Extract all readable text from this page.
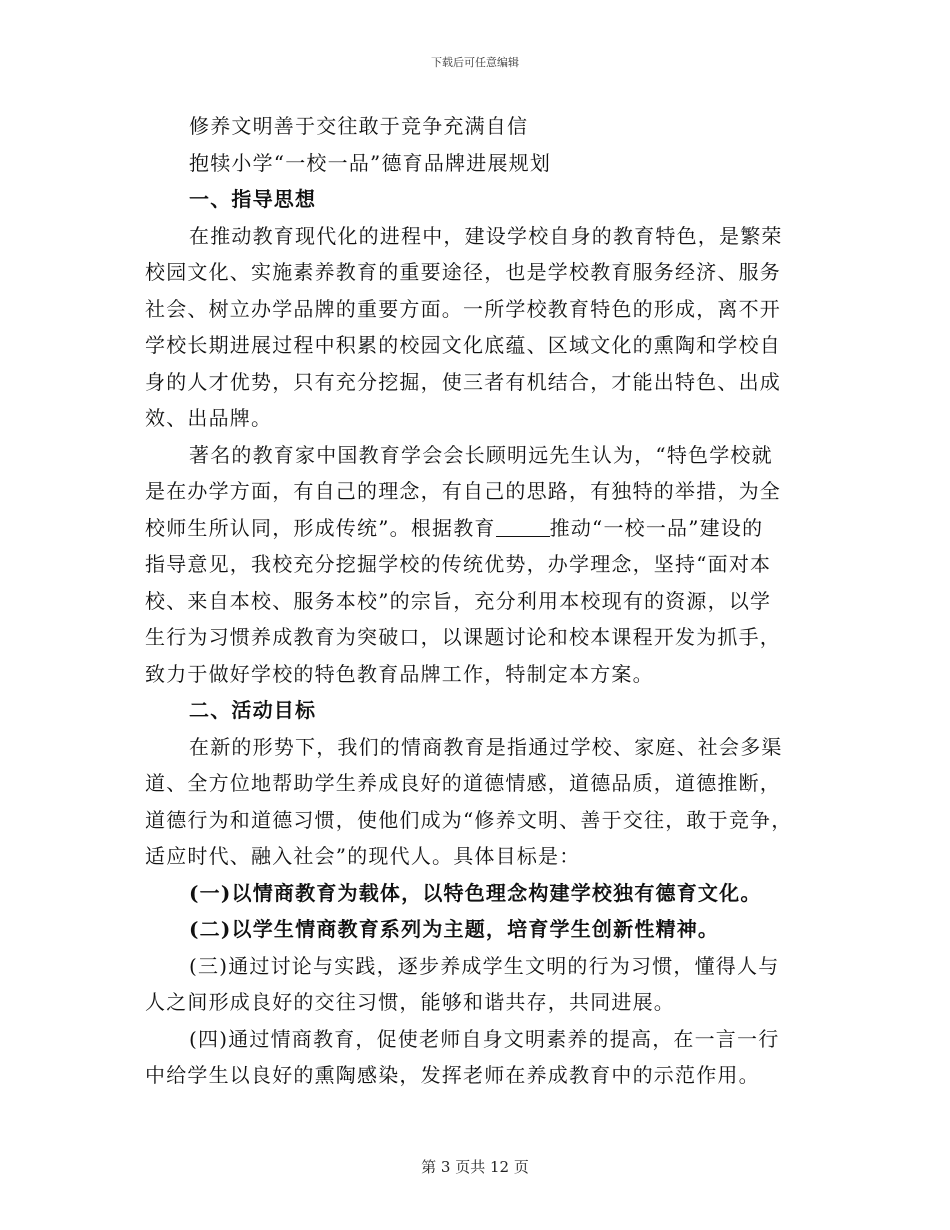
下载后可任意编辑
修养文明善于交往敢于竞争充满自信
抱犊小学“一校一品”德育品牌进展规划
一、指导思想
在推动教育现代化的进程中，建设学校自身的教育特色，是繁荣
校园文化、实施素养教育的重要途径，也是学校教育服务经济、服务
社会、树立办学品牌的重要方面。一所学校教育特色的形成，离不开
学校长期进展过程中积累的校园文化底蕴、区域文化的熏陶和学校自
身的人才优势，只有充分挖掘，使三者有机结合，才能出特色、出成
效、出品牌。
著名的教育家中国教育学会会长顾明远先生认为，“特色学校就
是在办学方面，有自己的理念，有自己的思路，有独特的举措，为全
校师生所认同，形成传统”。根据教育	推动“一校一品”建设的
指导意见，我校充分挖掘学校的传统优势，办学理念，坚持“面对本
校、来自本校、服务本校”的宗旨，充分利用本校现有的资源，以学
生行为习惯养成教育为突破口，以课题讨论和校本课程开发为抓手，
致力于做好学校的特色教育品牌工作，特制定本方案。
二、活动目标
在新的形势下，我们的情商教育是指通过学校、家庭、社会多渠
道、全方位地帮助学生养成良好的道德情感，道德品质，道德推断，
道德行为和道德习惯，使他们成为“修养文明、善于交往，敢于竞争，
适应时代、融入社会”的现代人。具体目标是：
(一)以情商教育为载体，以特色理念构建学校独有德育文化。
(二)以学生情商教育系列为主题，培育学生创新性精神。
(三)通过讨论与实践，逐步养成学生文明的行为习惯，懂得人与
人之间形成良好的交往习惯，能够和谐共存，共同进展。
(四)通过情商教育，促使老师自身文明素养的提高，在一言一行
中给学生以良好的熏陶感染，发挥老师在养成教育中的示范作用。
第 3 页共 12 页
